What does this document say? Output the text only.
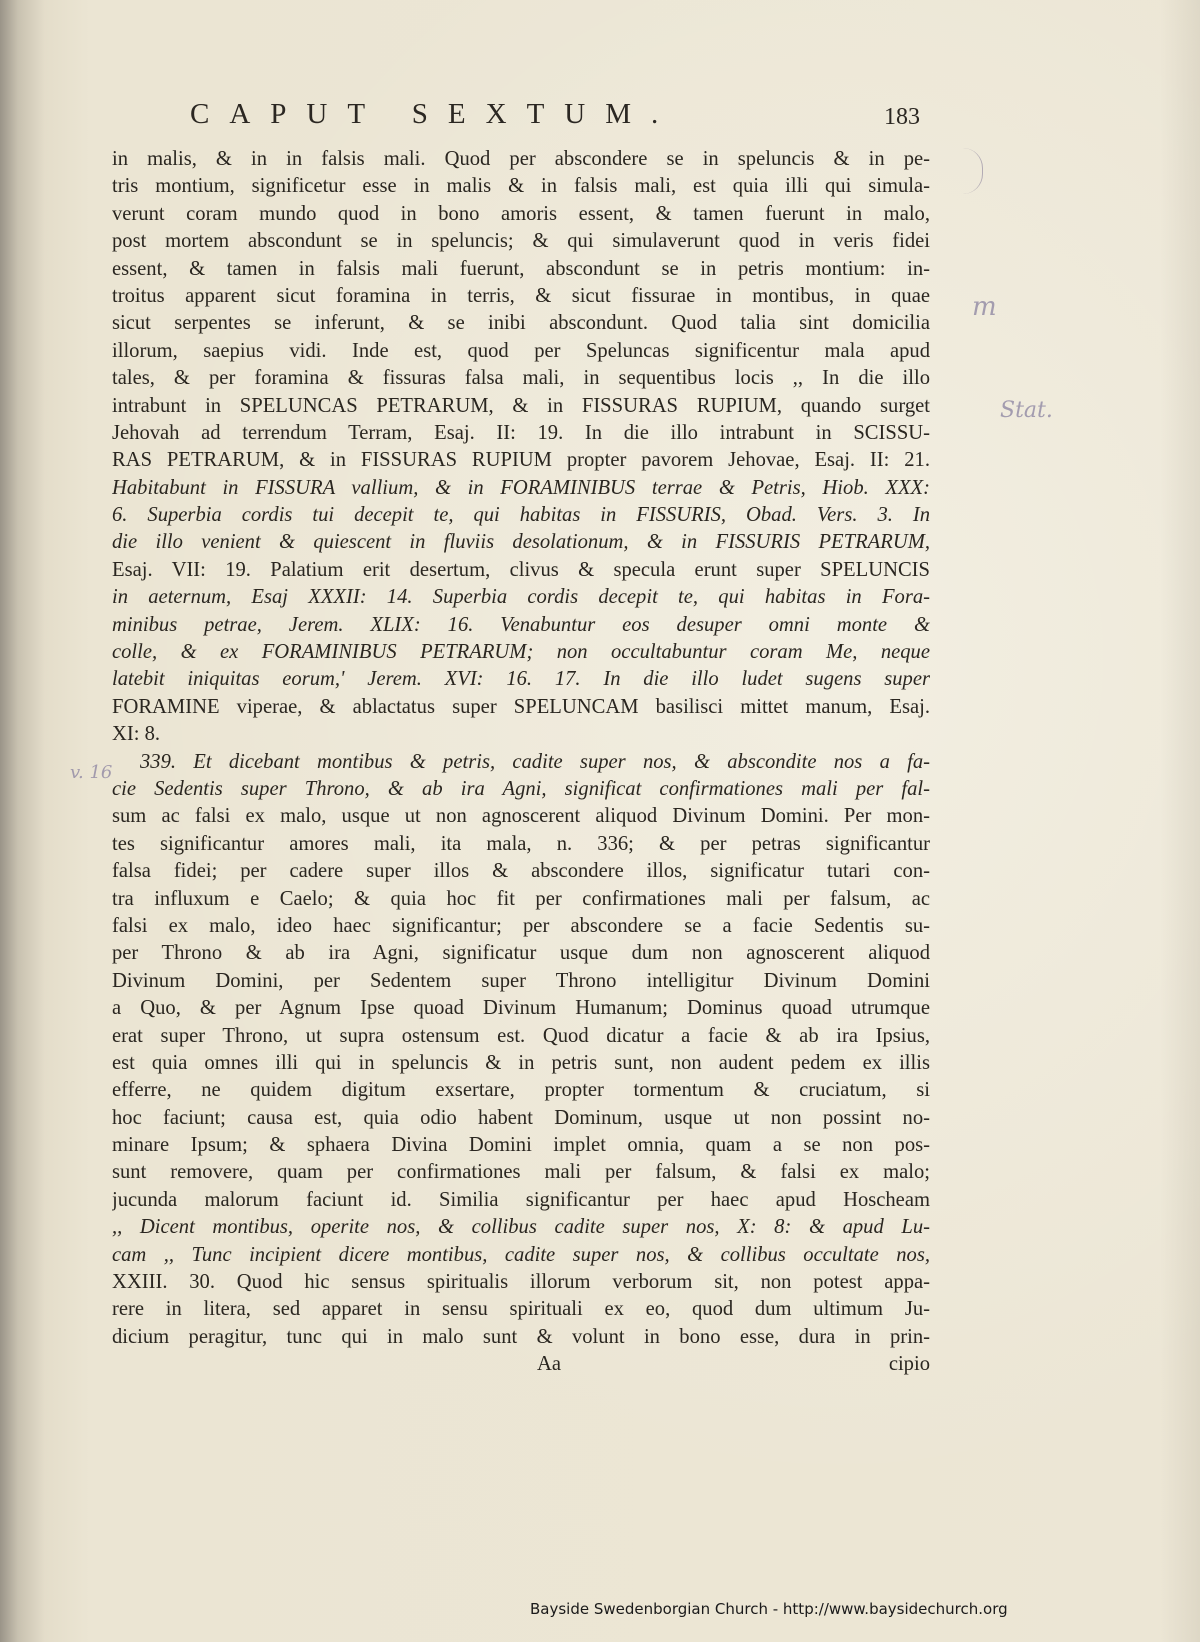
CAPUT SEXTUM.	183
in malis, & in in falsis mali. Quod per abscondere se in speluncis & in pe-
tris montium, significetur esse in malis & in falsis mali, est quia illi qui simula-
verunt coram mundo quod in bono amoris essent, & tamen fuerunt in malo,
post mortem abscondunt se in speluncis; & qui simulaverunt quod in veris fidei
essent, & tamen in falsis mali fuerunt, abscondunt se in petris montium: in-
troitus apparent sicut foramina in terris, & sicut fissurae in montibus, in quae
sicut serpentes se inferunt, & se inibi abscondunt. Quod talia sint domicilia
illorum, saepius vidi. Inde est, quod per Speluncas significentur mala apud
tales, & per foramina & fissuras falsa mali, in sequentibus locis ,, In die illo
intrabunt in SPELUNCAS PETRARUM, & in FISSURAS RUPIUM, quando surget
Jehovah ad terrendum Terram, Esaj. II: 19. In die illo intrabunt in SCISSU-
RAS PETRARUM, & in FISSURAS RUPIUM propter pavorem Jehovae, Esaj. II: 21.
Habitabunt in FISSURA vallium, & in FORAMINIBUS terrae & Petris, Hiob. XXX:
6. Superbia cordis tui decepit te, qui habitas in FISSURIS, Obad. Vers. 3. In
die illo venient & quiescent in fluviis desolationum, & in FISSURIS PETRARUM,
Esaj. VII: 19. Palatium erit desertum, clivus & specula erunt super SPELUNCIS
in aeternum, Esaj XXXII: 14. Superbia cordis decepit te, qui habitas in Fora-
minibus petrae, Jerem. XLIX: 16. Venabuntur eos desuper omni monte &
colle, & ex FORAMINIBUS PETRARUM; non occultabuntur coram Me, neque
latebit iniquitas eorum,' Jerem. XVI: 16. 17. In die illo ludet sugens super
FORAMINE viperae, & ablactatus super SPELUNCAM basilisci mittet manum, Esaj.
XI: 8.
339. Et dicebant montibus & petris, cadite super nos, & abscondite nos a fa-
cie Sedentis super Throno, & ab ira Agni, significat confirmationes mali per fal-
sum ac falsi ex malo, usque ut non agnoscerent aliquod Divinum Domini. Per mon-
tes significantur amores mali, ita mala, n. 336; & per petras significantur
falsa fidei; per cadere super illos & abscondere illos, significatur tutari con-
tra influxum e Caelo; & quia hoc fit per confirmationes mali per falsum, ac
falsi ex malo, ideo haec significantur; per abscondere se a facie Sedentis su-
per Throno & ab ira Agni, significatur usque dum non agnoscerent aliquod
Divinum Domini, per Sedentem super Throno intelligitur Divinum Domini
a Quo, & per Agnum Ipse quoad Divinum Humanum; Dominus quoad utrumque
erat super Throno, ut supra ostensum est. Quod dicatur a facie & ab ira Ipsius,
est quia omnes illi qui in speluncis & in petris sunt, non audent pedem ex illis
efferre, ne quidem digitum exsertare, propter tormentum & cruciatum, si
hoc faciunt; causa est, quia odio habent Dominum, usque ut non possint no-
minare Ipsum; & sphaera Divina Domini implet omnia, quam a se non pos-
sunt removere, quam per confirmationes mali per falsum, & falsi ex malo;
jucunda malorum faciunt id. Similia significantur per haec apud Hoscheam
,, Dicent montibus, operite nos, & collibus cadite super nos, X: 8: & apud Lu-
cam ,, Tunc incipient dicere montibus, cadite super nos, & collibus occultate nos,
XXIII. 30. Quod hic sensus spiritualis illorum verborum sit, non potest appa-
rere in litera, sed apparet in sensu spirituali ex eo, quod dum ultimum Ju-
dicium peragitur, tunc qui in malo sunt & volunt in bono esse, dura in prin-
Aa	cipio
m
Stat.
v. 16
Bayside Swedenborgian Church - http://www.baysidechurch.org
